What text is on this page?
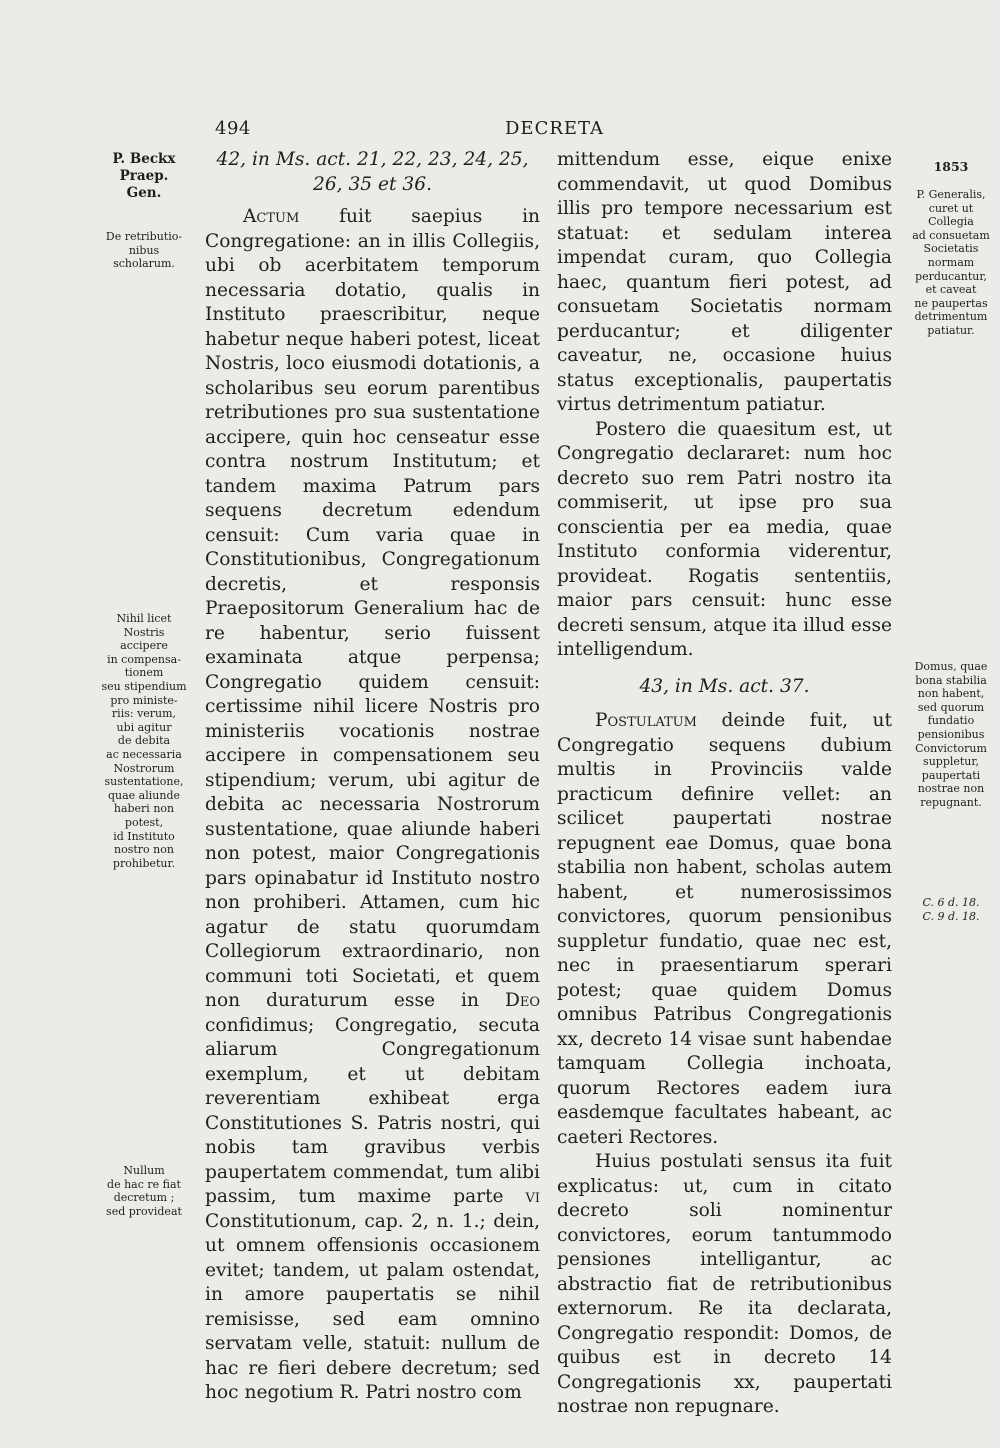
494	DECRETA

P. Beckx
Praep. Gen.

De retributio-
nibus
scholarum.

Nihil licet
Nostris
accipere
in compensa-
tionem
seu stipendium
pro ministe-
riis: verum,
ubi agitur
de debita
ac necessaria
Nostrorum
sustentatione,
quae aliunde
haberi non
potest,
id Instituto
nostro non
prohibetur.

Nullum
de hac re fiat
decretum ;
sed provideat

1853

P. Generalis,
curet ut
Collegia
ad consuetam
Societatis
normam
perducantur,
et caveat
ne paupertas
detrimentum
patiatur.

Domus, quae
bona stabilia
non habent,
sed quorum
fundatio
pensionibus
Convictorum
suppletur,
paupertati
nostrae non
repugnant.

C. 6 d. 18.
C. 9 d. 18.

42, in Ms. act. 21, 22, 23, 24, 25, 26, 35 et 36.

Actum fuit saepius in Congregatione: an in illis Collegiis, ubi ob acerbitatem temporum necessaria dotatio, qualis in Instituto praescribitur, neque habetur neque haberi potest, liceat Nostris, loco eiusmodi dotationis, a scholaribus seu eorum parentibus retributiones pro sua sustentatione accipere, quin hoc censeatur esse contra nostrum Institutum; et tandem maxima Patrum pars sequens decretum edendum censuit: Cum varia quae in Constitutionibus, Congregationum decretis, et responsis Praepositorum Generalium hac de re habentur, serio fuissent examinata atque perpensa; Congregatio quidem censuit: certissime nihil licere Nostris pro ministeriis vocationis nostrae accipere in compensationem seu stipendium; verum, ubi agitur de debita ac necessaria Nostrorum sustentatione, quae aliunde haberi non potest, maior Congregationis pars opinabatur id Instituto nostro non prohiberi. Attamen, cum hic agatur de statu quorumdam Collegiorum extraordinario, non communi toti Societati, et quem non duraturum esse in Deo confidimus; Congregatio, secuta aliarum Congregationum exemplum, et ut debitam reverentiam exhibeat erga Constitutiones S. Patris nostri, qui nobis tam gravibus verbis paupertatem commendat, tum alibi passim, tum maxime parte vi Constitutionum, cap. 2, n. 1.; dein, ut omnem offensionis occasionem evitet; tandem, ut palam ostendat, in amore paupertatis se nihil remisisse, sed eam omnino servatam velle, statuit: nullum de hac re fieri debere decretum; sed hoc negotium R. Patri nostro com

mittendum esse, eique enixe commendavit, ut quod Domibus illis pro tempore necessarium est statuat: et sedulam interea impendat curam, quo Collegia haec, quantum fieri potest, ad consuetam Societatis normam perducantur; et diligenter caveatur, ne, occasione huius status exceptionalis, paupertatis virtus detrimentum patiatur.

Postero die quaesitum est, ut Congregatio declararet: num hoc decreto suo rem Patri nostro ita commiserit, ut ipse pro sua conscientia per ea media, quae Instituto conformia viderentur, provideat. Rogatis sententiis, maior pars censuit: hunc esse decreti sensum, atque ita illud esse intelligendum.

43, in Ms. act. 37.

Postulatum deinde fuit, ut Congregatio sequens dubium multis in Provinciis valde practicum definire vellet: an scilicet paupertati nostrae repugnent eae Domus, quae bona stabilia non habent, scholas autem habent, et numerosissimos convictores, quorum pensionibus suppletur fundatio, quae nec est, nec in praesentiarum sperari potest; quae quidem Domus omnibus Patribus Congregationis xx, decreto 14 visae sunt habendae tamquam Collegia inchoata, quorum Rectores eadem iura easdemque facultates habeant, ac caeteri Rectores.

Huius postulati sensus ita fuit explicatus: ut, cum in citato decreto soli nominentur convictores, eorum tantummodo pensiones intelligantur, ac abstractio fiat de retributionibus externorum. Re ita declarata, Congregatio respondit: Domos, de quibus est in decreto 14 Congregationis xx, paupertati nostrae non repugnare.
